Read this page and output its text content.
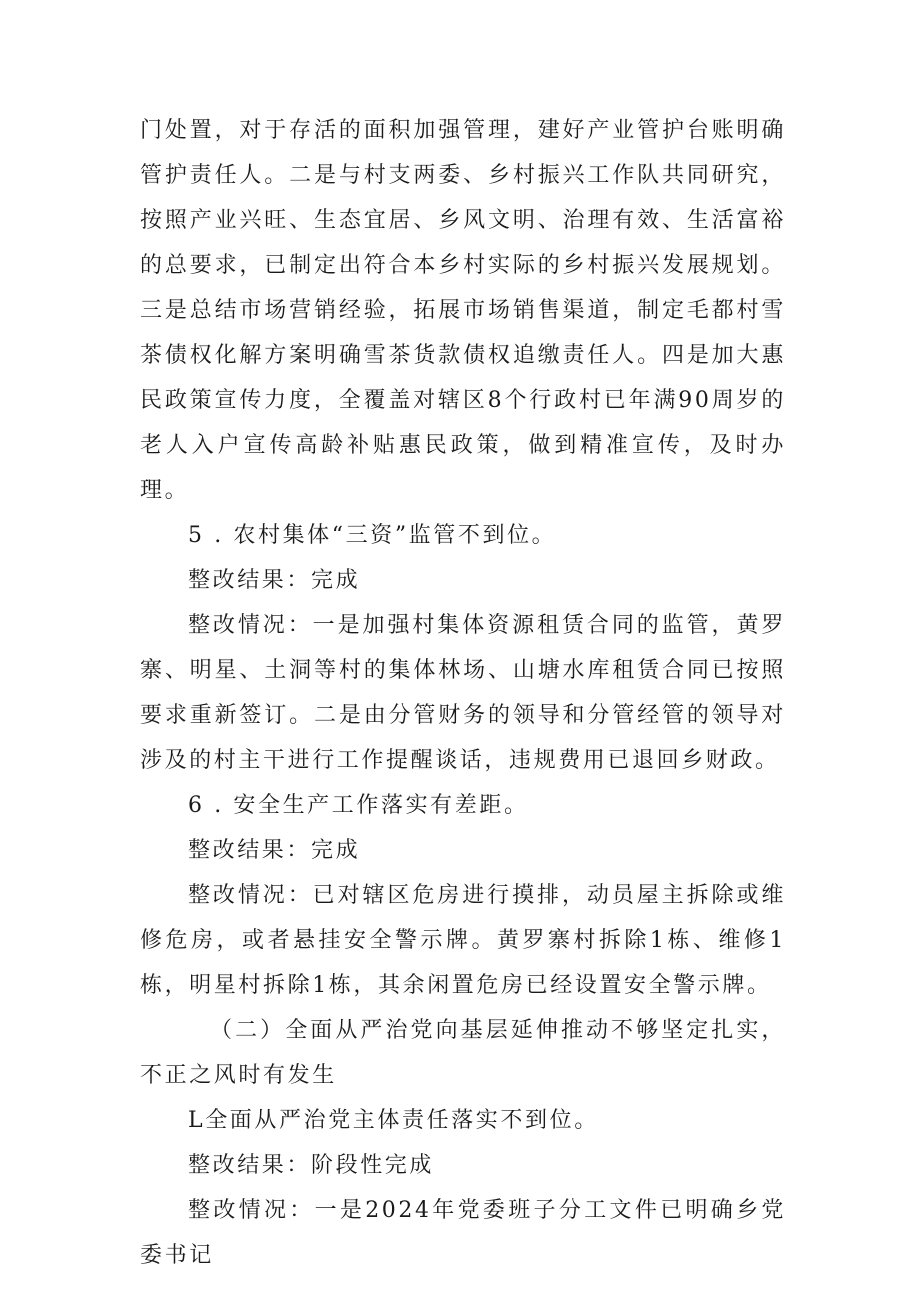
门处置，对于存活的面积加强管理，建好产业管护台账明确管护责任人。二是与村支两委、乡村振兴工作队共同研究，按照产业兴旺、生态宜居、乡风文明、治理有效、生活富裕的总要求，已制定出符合本乡村实际的乡村振兴发展规划。三是总结市场营销经验，拓展市场销售渠道，制定毛都村雪茶债权化解方案明确雪茶货款债权追缴责任人。四是加大惠民政策宣传力度，全覆盖对辖区8个行政村已年满90周岁的老人入户宣传高龄补贴惠民政策，做到精准宣传，及时办理。

5 . 农村集体“三资”监管不到位。

整改结果：完成

整改情况：一是加强村集体资源租赁合同的监管，黄罗寨、明星、土洞等村的集体林场、山塘水库租赁合同已按照要求重新签订。二是由分管财务的领导和分管经管的领导对涉及的村主干进行工作提醒谈话，违规费用已退回乡财政。

6 . 安全生产工作落实有差距。

整改结果：完成

整改情况：已对辖区危房进行摸排，动员屋主拆除或维修危房，或者悬挂安全警示牌。黄罗寨村拆除1栋、维修1栋，明星村拆除1栋，其余闲置危房已经设置安全警示牌。

（二）全面从严治党向基层延伸推动不够坚定扎实，不正之风时有发生

L全面从严治党主体责任落实不到位。

整改结果：阶段性完成

整改情况：一是2024年党委班子分工文件已明确乡党委书记
